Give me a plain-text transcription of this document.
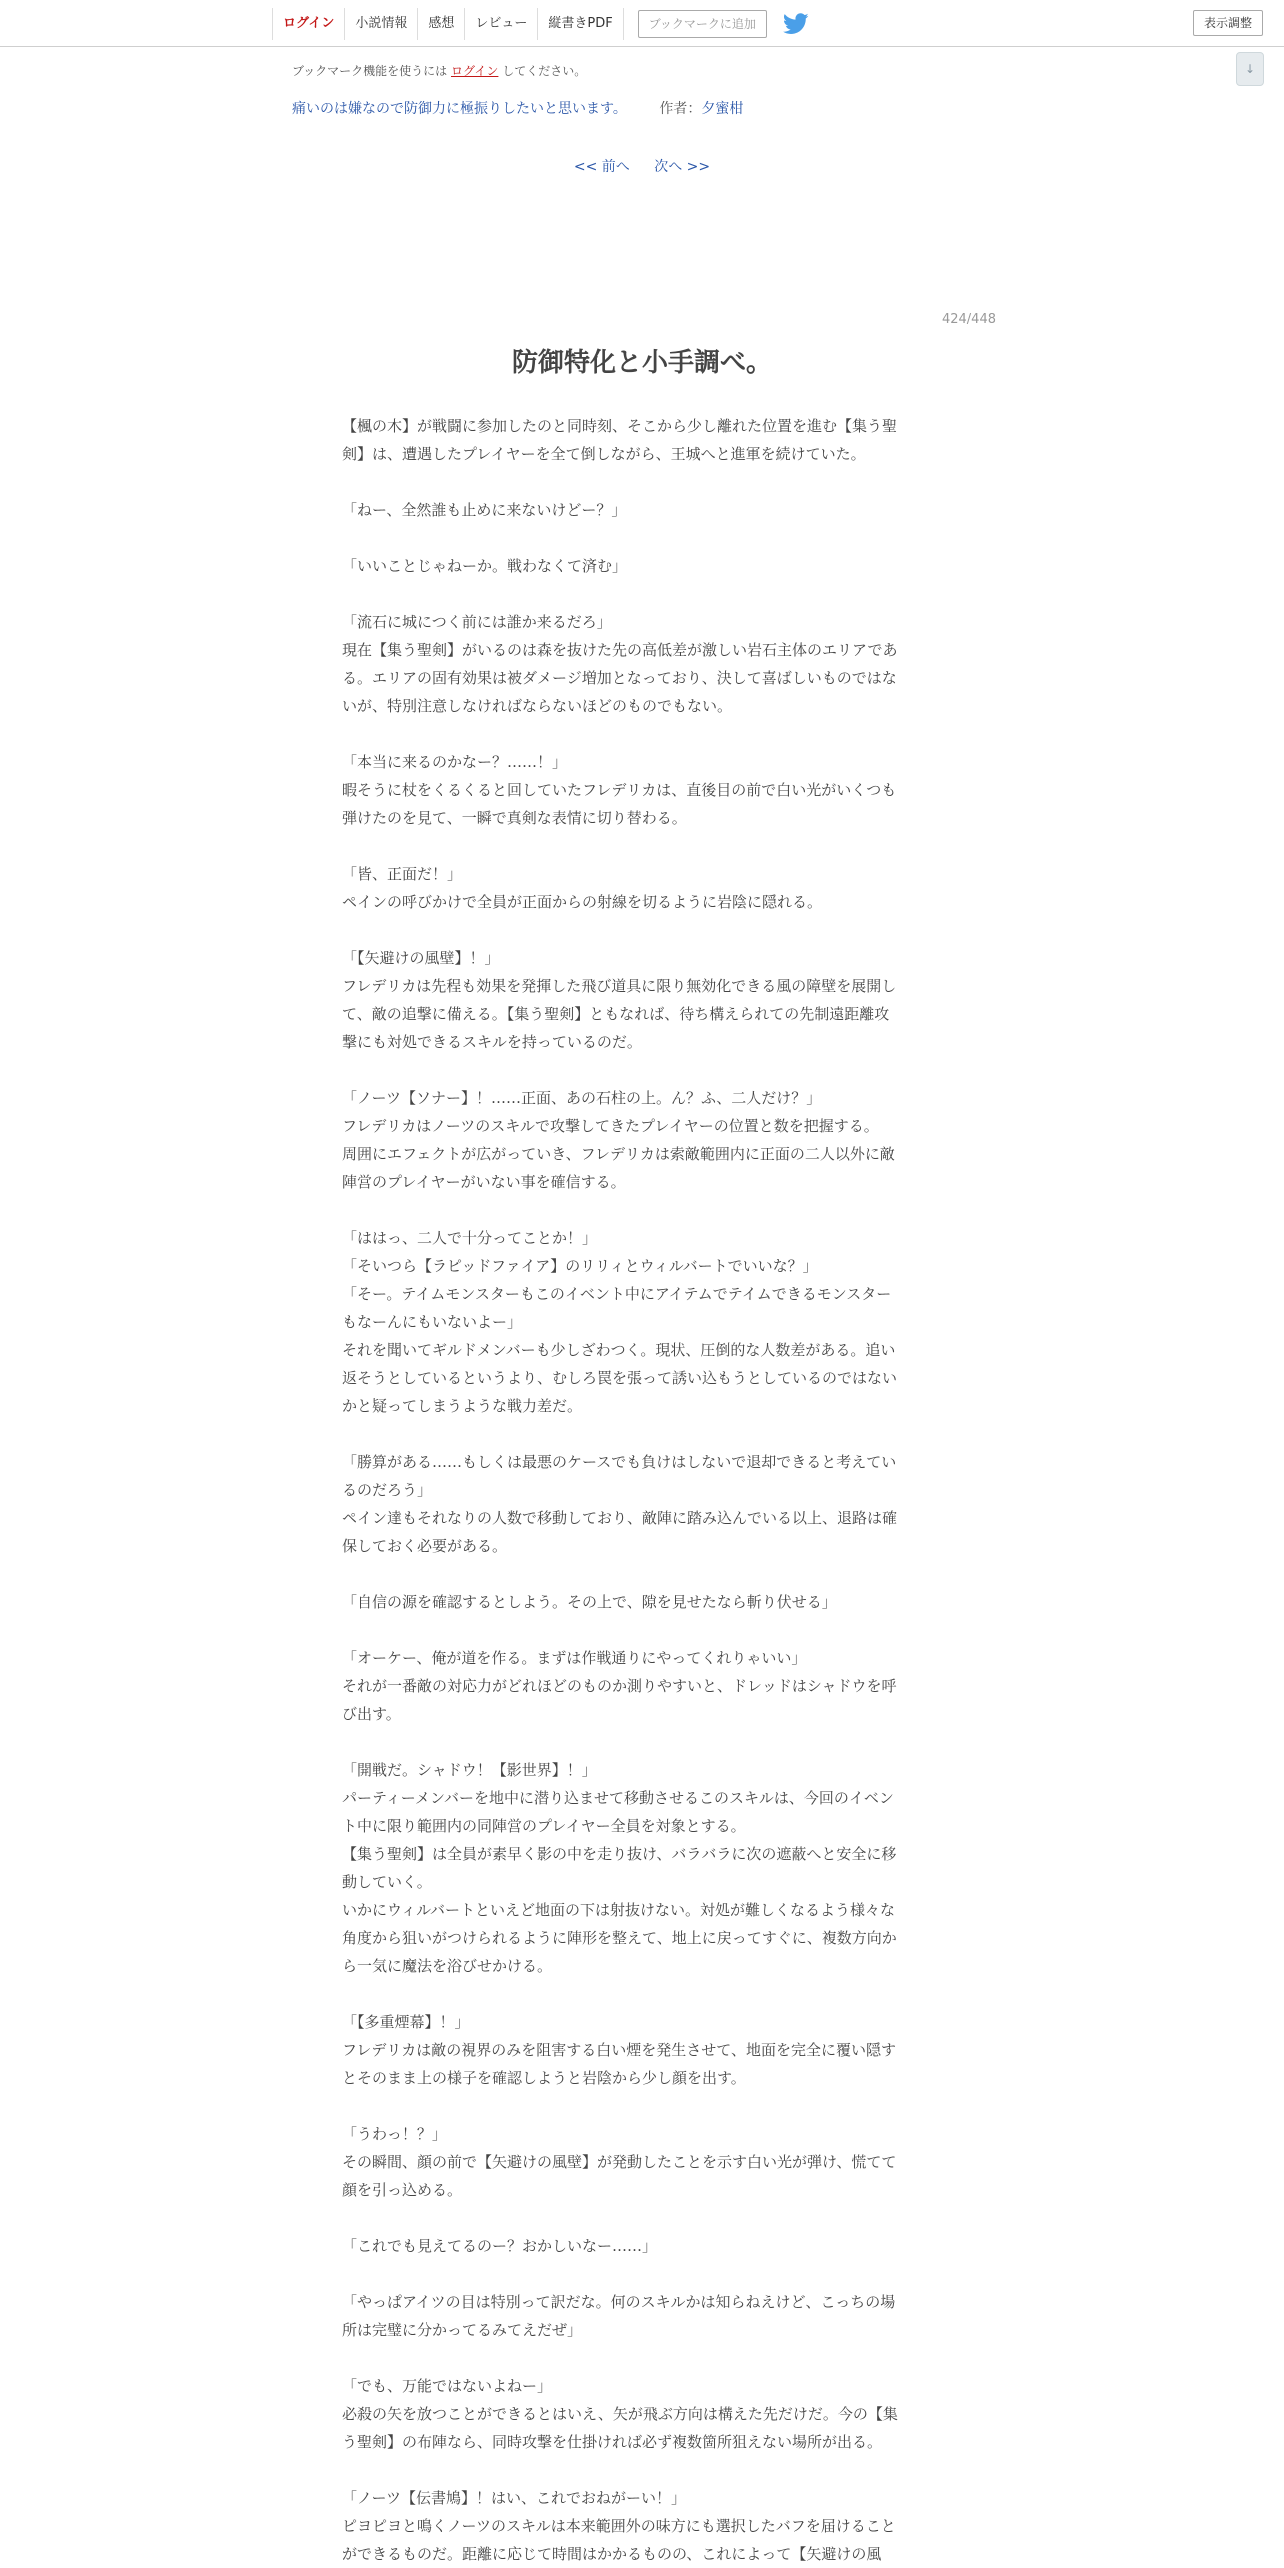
ログイン	小説情報	感想	レビュー	縦書きPDF	ブックマークに追加	表示調整
↓
ブックマーク機能を使うには ログイン してください。
痛いのは嫌なので防御力に極振りしたいと思います。 作者：夕蜜柑
<< 前へ 次へ >>
424/448
防御特化と小手調べ。

【楓の木】が戦闘に参加したのと同時刻、そこから少し離れた位置を進む【集う聖

剣】は、遭遇したプレイヤーを全て倒しながら、王城へと進軍を続けていた。

「ねー、全然誰も止めに来ないけどー？」

「いいことじゃねーか。戦わなくて済む」

「流石に城につく前には誰か来るだろ」

現在【集う聖剣】がいるのは森を抜けた先の高低差が激しい岩石主体のエリアであ

る。エリアの固有効果は被ダメージ増加となっており、決して喜ばしいものではな

いが、特別注意しなければならないほどのものでもない。

「本当に来るのかなー？……！」

暇そうに杖をくるくると回していたフレデリカは、直後目の前で白い光がいくつも

弾けたのを見て、一瞬で真剣な表情に切り替わる。

「皆、正面だ！」

ペインの呼びかけで全員が正面からの射線を切るように岩陰に隠れる。

「【矢避けの風壁】！」

フレデリカは先程も効果を発揮した飛び道具に限り無効化できる風の障壁を展開し

て、敵の追撃に備える。【集う聖剣】ともなれば、待ち構えられての先制遠距離攻

撃にも対処できるスキルを持っているのだ。

「ノーツ【ソナー】！……正面、あの石柱の上。ん？ふ、二人だけ？」

フレデリカはノーツのスキルで攻撃してきたプレイヤーの位置と数を把握する。

周囲にエフェクトが広がっていき、フレデリカは索敵範囲内に正面の二人以外に敵

陣営のプレイヤーがいない事を確信する。

「ははっ、二人で十分ってことか！」

「そいつら【ラピッドファイア】のリリィとウィルバートでいいな？」

「そー。テイムモンスターもこのイベント中にアイテムでテイムできるモンスター

もなーんにもいないよー」

それを聞いてギルドメンバーも少しざわつく。現状、圧倒的な人数差がある。追い

返そうとしているというより、むしろ罠を張って誘い込もうとしているのではない

かと疑ってしまうような戦力差だ。

「勝算がある……もしくは最悪のケースでも負けはしないで退却できると考えてい

るのだろう」

ペイン達もそれなりの人数で移動しており、敵陣に踏み込んでいる以上、退路は確

保しておく必要がある。

「自信の源を確認するとしよう。その上で、隙を見せたなら斬り伏せる」

「オーケー、俺が道を作る。まずは作戦通りにやってくれりゃいい」

それが一番敵の対応力がどれほどのものか測りやすいと、ドレッドはシャドウを呼

び出す。

「開戦だ。シャドウ！【影世界】！」

パーティーメンバーを地中に潜り込ませて移動させるこのスキルは、今回のイベン

ト中に限り範囲内の同陣営のプレイヤー全員を対象とする。

【集う聖剣】は全員が素早く影の中を走り抜け、バラバラに次の遮蔽へと安全に移

動していく。

いかにウィルバートといえど地面の下は射抜けない。対処が難しくなるよう様々な

角度から狙いがつけられるように陣形を整えて、地上に戻ってすぐに、複数方向か

ら一気に魔法を浴びせかける。

「【多重煙幕】！」

フレデリカは敵の視界のみを阻害する白い煙を発生させて、地面を完全に覆い隠す

とそのまま上の様子を確認しようと岩陰から少し顔を出す。

「うわっ！？」

その瞬間、顔の前で【矢避けの風壁】が発動したことを示す白い光が弾け、慌てて

顔を引っ込める。

「これでも見えてるのー？おかしいなー……」

「やっぱアイツの目は特別って訳だな。何のスキルかは知らねえけど、こっちの場

所は完璧に分かってるみてえだぜ」

「でも、万能ではないよねー」

必殺の矢を放つことができるとはいえ、矢が飛ぶ方向は構えた先だけだ。今の【集

う聖剣】の布陣なら、同時攻撃を仕掛ければ必ず複数箇所狙えない場所が出る。

「ノーツ【伝書鳩】！はい、これでおねがーい！」

ピヨピヨと鳴くノーツのスキルは本来範囲外の味方にも選択したバフを届けること

ができるものだ。距離に応じて時間はかかるものの、これによって【矢避けの風
